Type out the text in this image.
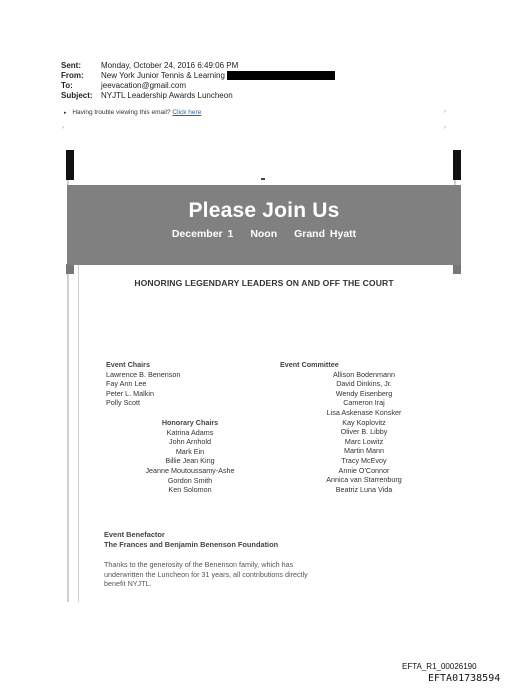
Sent:	Monday, October 24, 2016 6:49:06 PM
From:	New York Junior Tennis & Learning
To:	jeevacation@gmail.com
Subject:	NYJTL Leadership Awards Luncheon
▸ Having trouble viewing this email? Click here	›
›	›
Please Join Us
December 1 Noon Grand Hyatt
HONORING LEGENDARY LEADERS ON AND OFF THE COURT
Event Chairs
Lawrence B. Benenson
Fay Ann Lee
Peter L. Malkin
Polly Scott
Honorary Chairs
Katrina Adams
John Arnhold
Mark Ein
Billie Jean King
Jeanne Moutoussamy-Ashe
Gordon Smith
Ken Solomon
Event Committee
Allison Bodenmann
David Dinkins, Jr.
Wendy Eisenberg
Cameron Iraj
Lisa Askenase Konsker
Kay Koplovitz
Oliver B. Libby
Marc Lowitz
Martin Mann
Tracy McEvoy
Annie O'Connor
Annica van Starrenburg
Beatriz Luna Vida
Event Benefactor
The Frances and Benjamin Benenson Foundation
Thanks to the generosity of the Benenson family, which has
underwritten the Luncheon for 31 years, all contributions directly
benefit NYJTL.
EFTA_R1_00026190
EFTA01738594
